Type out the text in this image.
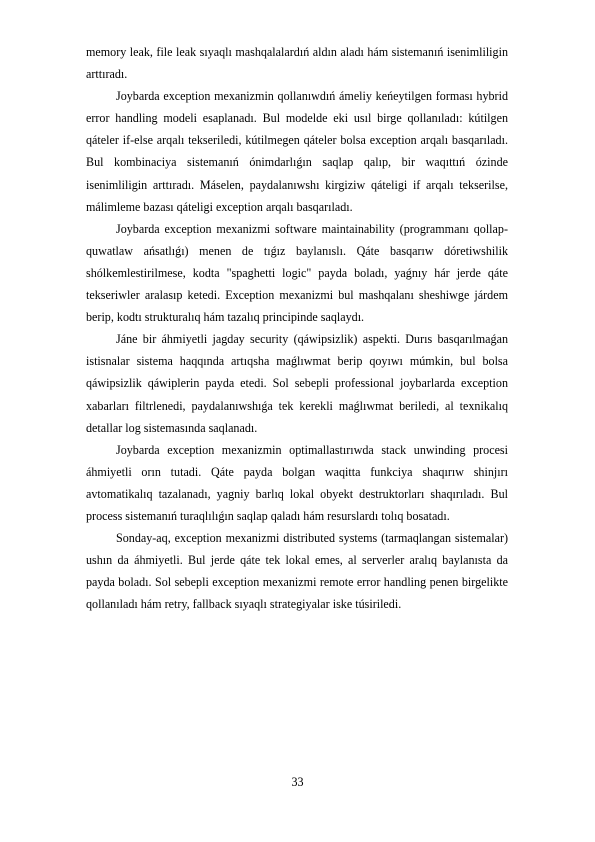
memory leak, file leak sıyaqlı mashqalalardıń aldın aladı hám sistemanıń isenimliligin arttıradı.

Joybarda exception mexanizmin qollanıwdıń ámeliy keńeytilgen forması hybrid error handling modeli esaplanadı. Bul modelde eki usıl birge qollanıladı: kútilgen qáteler if-else arqalı tekseriledi, kútilmegen qáteler bolsa exception arqalı basqarıladı. Bul kombinaciya sistemanıń ónimdarlıǵın saqlap qalıp, bir waqıttıń ózinde isenimliligin arttıradı. Máselen, paydalanıwshı kirgiziw qáteligi if arqalı tekserilse, málimleme bazası qáteligi exception arqalı basqarıladı.

Joybarda exception mexanizmi software maintainability (programmanı qollap-quwatlaw ańsatlıǵı) menen de tıǵız baylanıslı. Qáte basqarıw dóretiwshilik shólkemlestirilmese, kodta "spaghetti logic" payda boladı, yaǵnıy hár jerde qáte tekseriwler aralasıp ketedi. Exception mexanizmi bul mashqalanı sheshiwge járdem berip, kodtı strukturalıq hám tazalıq principinde saqlaydı.

Jáne bir áhmiyetli jagday security (qáwipsizlik) aspekti. Durıs basqarılmaǵan istisnalar sistema haqqında artıqsha maǵlıwmat berip qoyıwı múmkin, bul bolsa qáwipsizlik qáwiplerin payda etedi. Sol sebepli professional joybarlarda exception xabarları filtrlenedi, paydalanıwshıǵa tek kerekli maǵlıwmat beriledi, al texnikalıq detallar log sistemasında saqlanadı.

Joybarda exception mexanizmin optimallastırıwda stack unwinding procesi áhmiyetli orın tutadi. Qáte payda bolgan waqitta funkciya shaqırıw shinjırı avtomatikalıq tazalanadı, yagniy barlıq lokal obyekt destruktorları shaqırıladı. Bul process sistemanıń turaqlılıǵın saqlap qaladı hám resurslardı tolıq bosatadı.

Sonday-aq, exception mexanizmi distributed systems (tarmaqlangan sistemalar) ushın da áhmiyetli. Bul jerde qáte tek lokal emes, al serverler aralıq baylanısta da payda boladı. Sol sebepli exception mexanizmi remote error handling penen birgelikte qollanıladı hám retry, fallback sıyaqlı strategiyalar iske túsiriledi.

33
